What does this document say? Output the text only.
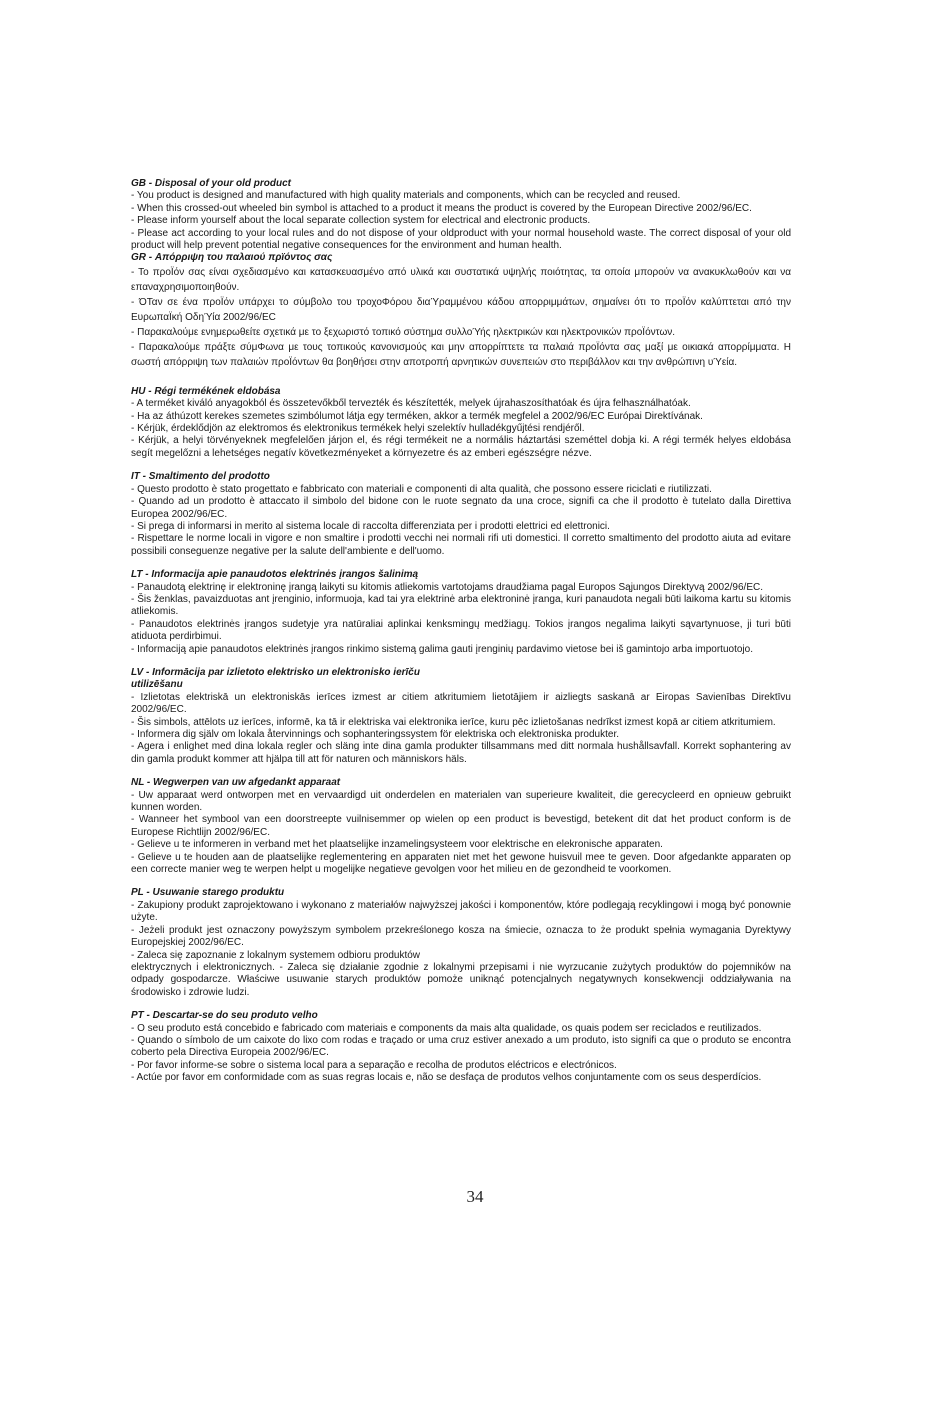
GB - Disposal of your old product
- You product is designed and manufactured with high quality materials and components, which can be recycled and reused.
- When this crossed-out wheeled bin symbol is attached to a product it means the product is covered by the European Directive 2002/96/EC.
- Please inform yourself about the local separate collection system for electrical and electronic products.
- Please act according to your local rules and do not dispose of your oldproduct with your normal household waste. The correct disposal of your old product will help prevent potential negative consequences for the environment and human health.
GR - Απόρριψη του παλαιού πρϊόντος σας
- Το προΪόν σας είναι σχεδιασμένο και κατασκευασμένο από υλικά και συστατικά υψηλής ποιότητας, τα οποία μπορούν να ανακυκλωθούν και να επαναχρησιμοποιηθούν.
- ΌΤαν σε ένα προΪόν υπάρχει το σύμβολο του τροχοΦόρου διαΎραμμένου κάδου απορριμμάτων, σημαίνει ότι το προΪόν καλύπτεται από την ΕυρωπαΪκή ΟδηΎία 2002/96/EC
- Παρακαλούμε ενημερωθείτε σχετικά με το ξεχωριστό τοπικό σύστημα συλλοΎής ηλεκτρικών και ηλεκτρονικών προΪόντων.
- Παρακαλούμε πράξτε σύμΦωνα με τους τοπικούς κανονισμούς και μην απορρίπτετε τα παλαιά προΪόντα σας μαξί με οικιακά απορρίμματα. Η σωστή απόρριψη των παλαιών προΪόντων θα βοηθήσει στην αποτροπή αρνητικών συνεπειών στο περιβάλλον και την ανθρώπινη υΎεία.
HU - Régi termékének eldobása
- A terméket kiváló anyagokból és összetevőkből tervezték és készítették, melyek újrahaszosíthatóak és újra felhasználhatóak.
- Ha az áthúzott kerekes szemetes szimbólumot látja egy terméken, akkor a termék megfelel a 2002/96/EC Európai Direktívának.
- Kérjük, érdeklődjön az elektromos és elektronikus termékek helyi szelektív hulladékgyűjtési rendjéről.
- Kérjük, a helyi törvényeknek megfelelően járjon el, és régi termékeit ne a normális háztartási szeméttel dobja ki. A régi termék helyes eldobása segít megelőzni a lehetséges negatív következményeket a környezetre és az emberi egészségre nézve.
IT - Smaltimento del prodotto
- Questo prodotto è stato progettato e fabbricato con materiali e componenti di alta qualità, che possono essere riciclati e riutilizzati.
- Quando ad un prodotto è attaccato il simbolo del bidone con le ruote segnato da una croce, signifi ca che il prodotto è tutelato dalla Direttiva Europea 2002/96/EC.
- Si prega di informarsi in merito al sistema locale di raccolta differenziata per i prodotti elettrici ed elettronici.
- Rispettare le norme locali in vigore e non smaltire i prodotti vecchi nei normali rifi uti domestici. Il corretto smaltimento del prodotto aiuta ad evitare possibili conseguenze negative per la salute dell'ambiente e dell'uomo.
LT - Informacija apie panaudotos elektrinės įrangos šalinimą
- Panaudotą elektrinę ir elektroninę įrangą laikyti su kitomis atliekomis vartotojams draudžiama pagal Europos Sąjungos Direktyvą 2002/96/EC.
- Šis ženklas, pavaizduotas ant įrenginio, informuoja, kad tai yra elektrinė arba elektroninė įranga, kuri panaudota negali būti laikoma kartu su kitomis atliekomis.
- Panaudotos elektrinės įrangos sudetyje yra natūraliai aplinkai kenksmingų medžiagų. Tokios įrangos negalima laikyti sąvartynuose, ji turi būti atiduota perdirbimui.
- Informaciją apie panaudotos elektrinės įrangos rinkimo sistemą galima gauti įrenginių pardavimo vietose bei iš gamintojo arba importuotojo.
LV - Informācija par izlietoto elektrisko un elektronisko ierīču
utilizēšanu
- Izlietotas elektriskā un elektroniskās ierīces izmest ar citiem atkritumiem lietotājiem ir aizliegts saskanā ar Eiropas Savienības Direktīvu 2002/96/EC.
- Šis simbols, attēlots uz ierīces, informē, ka tā ir elektriska vai elektronika ierīce, kuru pēc izlietošanas nedrīkst izmest kopā ar citiem atkritumiem.
- Informera dig själv om lokala återvinnings och sophanteringssystem för elektriska och elektroniska produkter.
- Agera i enlighet med dina lokala regler och släng inte dina gamla produkter tillsammans med ditt normala hushållsavfall. Korrekt sophantering av din gamla produkt kommer att hjälpa till att för naturen och människors häls.
NL - Wegwerpen van uw afgedankt apparaat
- Uw apparaat werd ontworpen met en vervaardigd uit onderdelen en materialen van superieure kwaliteit, die gerecycleerd en opnieuw gebruikt kunnen worden.
- Wanneer het symbool van een doorstreepte vuilnisemmer op wielen op een product is bevestigd, betekent dit dat het product conform is de Europese Richtlijn 2002/96/EC.
- Gelieve u te informeren in verband met het plaatselijke inzamelingsysteem voor elektrische en elekronische apparaten.
- Gelieve u te houden aan de plaatselijke reglementering en apparaten niet met het gewone huisvuil mee te geven. Door afgedankte apparaten op een correcte manier weg te werpen helpt u mogelijke negatieve gevolgen voor het milieu en de gezondheid te voorkomen.
PL - Usuwanie starego produktu
- Zakupiony produkt zaprojektowano i wykonano z materiałów najwyższej jakości i komponentów, które podlegają recyklingowi i mogą być ponownie użyte.
- Jeżeli produkt jest oznaczony powyższym symbolem przekreślonego kosza na śmiecie, oznacza to że produkt spełnia wymagania Dyrektywy Europejskiej 2002/96/EC.
- Zaleca się zapoznanie z lokalnym systemem odbioru produktów
elektrycznych i elektronicznych. - Zaleca się działanie zgodnie z lokalnymi przepisami i nie wyrzucanie zużytych produktów do pojemników na odpady gospodarcze. Właściwe usuwanie starych produktów pomoże uniknąć potencjalnych negatywnych konsekwencji oddziaływania na środowisko i zdrowie ludzi.
PT - Descartar-se do seu produto velho
- O seu produto está concebido e fabricado com materiais e components da mais alta qualidade, os quais podem ser reciclados e reutilizados.
- Quando o símbolo de um caixote do lixo com rodas e traçado or uma cruz estiver anexado a um produto, isto signifi ca que o produto se encontra coberto pela Directiva Europeia 2002/96/EC.
- Por favor informe-se sobre o sistema local para a separação e recolha de produtos eléctricos e electrónicos.
- Actúe por favor em conformidade com as suas regras locais e, não se desfaça de produtos velhos conjuntamente com os seus desperdícios.
34
